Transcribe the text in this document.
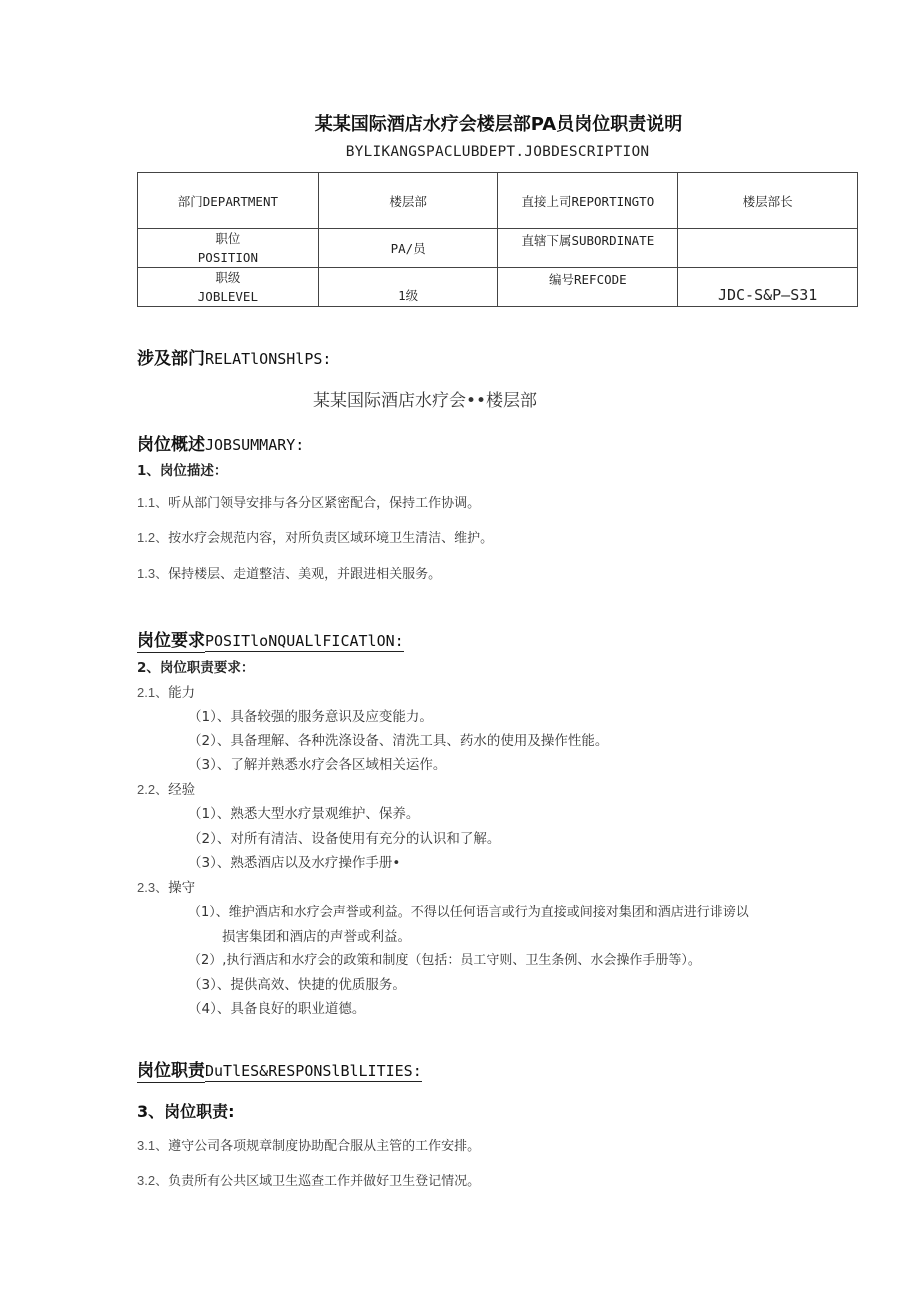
某某国际酒店水疗会楼层部PA员岗位职责说明
BYLIKANGSPACLUBDEPT.JOBDESCRIPTION
部门DEPARTMENT	楼层部	直接上司REPORTINGTO	楼层部长

职位
POSITION	PA/员	直辖下属SUBORDINATE	

职级
JOBLEVEL	1级	编号REFCODE	JDC-S&P—S31
涉及部门RELATlONSHlPS:
某某国际酒店水疗会••楼层部
岗位概述JOBSUMMARY:
1、岗位描述：
1.1、听从部门领导安排与各分区紧密配合，保持工作协调。
1.2、按水疗会规范内容，对所负责区域环境卫生清洁、维护。
1.3、保持楼层、走道整洁、美观，并跟进相关服务。
岗位要求POSITloNQUALlFICATlON:
2、岗位职责要求：
2.1、能力
（1）、具备较强的服务意识及应变能力。
（2）、具备理解、各种洗涤设备、清洗工具、药水的使用及操作性能。
（3）、了解并熟悉水疗会各区域相关运作。
2.2、经验
（1）、熟悉大型水疗景观维护、保养。
（2）、对所有清洁、设备使用有充分的认识和了解。
（3）、熟悉酒店以及水疗操作手册•
2.3、操守
（1）、维护酒店和水疗会声誉或利益。不得以任何语言或行为直接或间接对集团和酒店进行诽谤以
损害集团和酒店的声誉或利益。
（2）,执行酒店和水疗会的政策和制度（包括：员工守则、卫生条例、水会操作手册等）。
（3）、提供高效、快捷的优质服务。
（4）、具备良好的职业道德。
岗位职责DuTlES&RESPONSlBlLITIES:
3、岗位职责:
3.1、遵守公司各项规章制度协助配合服从主管的工作安排。
3.2、负责所有公共区域卫生巡查工作并做好卫生登记情况。
